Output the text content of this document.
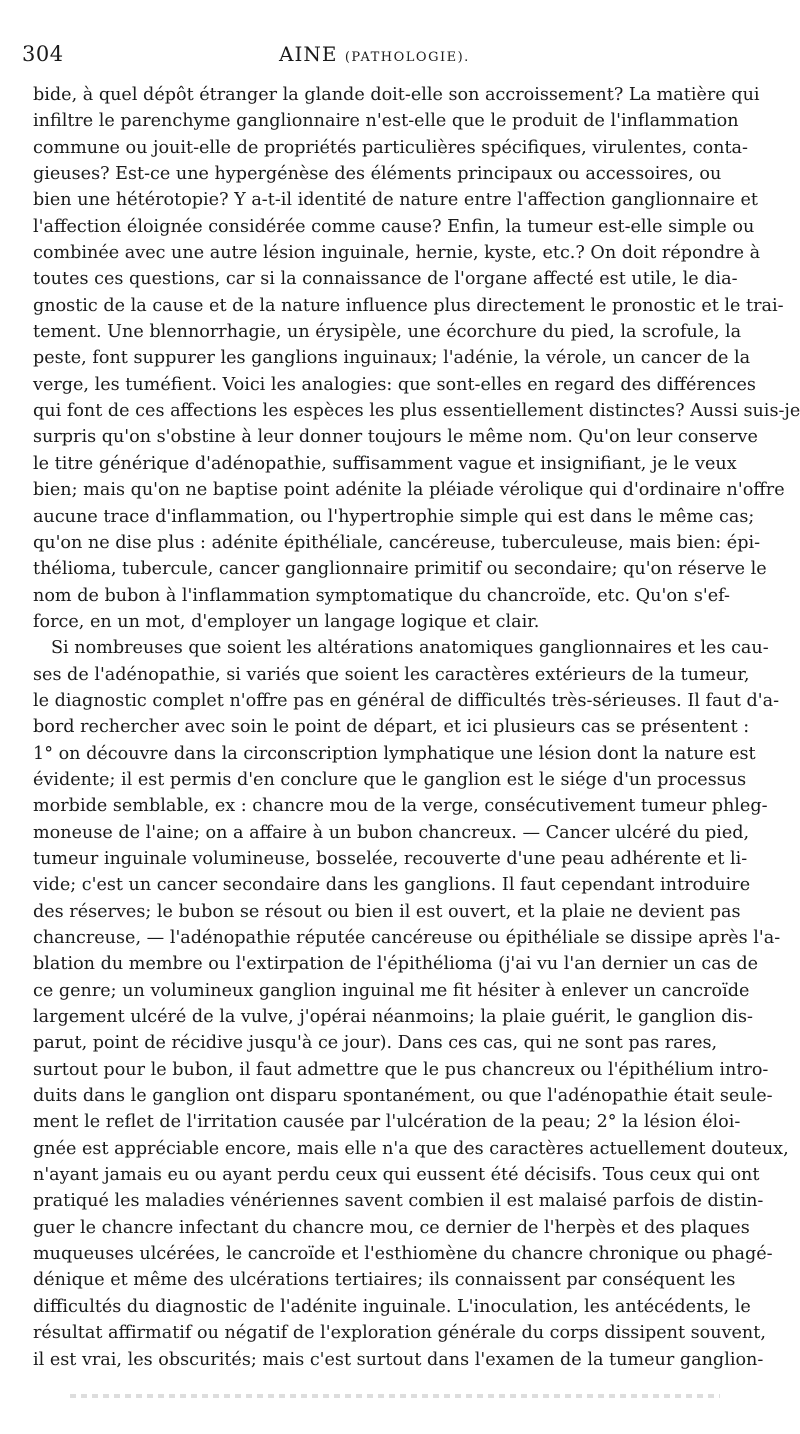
304	AINE (PATHOLOGIE).
bide, à quel dépôt étranger la glande doit-elle son accroissement? La matière qui
infiltre le parenchyme ganglionnaire n'est-elle que le produit de l'inflammation
commune ou jouit-elle de propriétés particulières spécifiques, virulentes, conta-
gieuses? Est-ce une hypergénèse des éléments principaux ou accessoires, ou
bien une hétérotopie? Y a-t-il identité de nature entre l'affection ganglionnaire et
l'affection éloignée considérée comme cause? Enfin, la tumeur est-elle simple ou
combinée avec une autre lésion inguinale, hernie, kyste, etc.? On doit répondre à
toutes ces questions, car si la connaissance de l'organe affecté est utile, le dia-
gnostic de la cause et de la nature influence plus directement le pronostic et le trai-
tement. Une blennorrhagie, un érysipèle, une écorchure du pied, la scrofule, la
peste, font suppurer les ganglions inguinaux; l'adénie, la vérole, un cancer de la
verge, les tuméfient. Voici les analogies: que sont-elles en regard des différences
qui font de ces affections les espèces les plus essentiellement distinctes? Aussi suis-je
surpris qu'on s'obstine à leur donner toujours le même nom. Qu'on leur conserve
le titre générique d'adénopathie, suffisamment vague et insignifiant, je le veux
bien; mais qu'on ne baptise point adénite la pléiade vérolique qui d'ordinaire n'offre
aucune trace d'inflammation, ou l'hypertrophie simple qui est dans le même cas;
qu'on ne dise plus : adénite épithéliale, cancéreuse, tuberculeuse, mais bien: épi-
thélioma, tubercule, cancer ganglionnaire primitif ou secondaire; qu'on réserve le
nom de bubon à l'inflammation symptomatique du chancroïde, etc. Qu'on s'ef-
force, en un mot, d'employer un langage logique et clair.
Si nombreuses que soient les altérations anatomiques ganglionnaires et les cau-
ses de l'adénopathie, si variés que soient les caractères extérieurs de la tumeur,
le diagnostic complet n'offre pas en général de difficultés très-sérieuses. Il faut d'a-
bord rechercher avec soin le point de départ, et ici plusieurs cas se présentent :
1° on découvre dans la circonscription lymphatique une lésion dont la nature est
évidente; il est permis d'en conclure que le ganglion est le siége d'un processus
morbide semblable, ex : chancre mou de la verge, consécutivement tumeur phleg-
moneuse de l'aine; on a affaire à un bubon chancreux. — Cancer ulcéré du pied,
tumeur inguinale volumineuse, bosselée, recouverte d'une peau adhérente et li-
vide; c'est un cancer secondaire dans les ganglions. Il faut cependant introduire
des réserves; le bubon se résout ou bien il est ouvert, et la plaie ne devient pas
chancreuse, — l'adénopathie réputée cancéreuse ou épithéliale se dissipe après l'a-
blation du membre ou l'extirpation de l'épithélioma (j'ai vu l'an dernier un cas de
ce genre; un volumineux ganglion inguinal me fit hésiter à enlever un cancroïde
largement ulcéré de la vulve, j'opérai néanmoins; la plaie guérit, le ganglion dis-
parut, point de récidive jusqu'à ce jour). Dans ces cas, qui ne sont pas rares,
surtout pour le bubon, il faut admettre que le pus chancreux ou l'épithélium intro-
duits dans le ganglion ont disparu spontanément, ou que l'adénopathie était seule-
ment le reflet de l'irritation causée par l'ulcération de la peau; 2° la lésion éloi-
gnée est appréciable encore, mais elle n'a que des caractères actuellement douteux,
n'ayant jamais eu ou ayant perdu ceux qui eussent été décisifs. Tous ceux qui ont
pratiqué les maladies vénériennes savent combien il est malaisé parfois de distin-
guer le chancre infectant du chancre mou, ce dernier de l'herpès et des plaques
muqueuses ulcérées, le cancroïde et l'esthiomène du chancre chronique ou phagé-
dénique et même des ulcérations tertiaires; ils connaissent par conséquent les
difficultés du diagnostic de l'adénite inguinale. L'inoculation, les antécédents, le
résultat affirmatif ou négatif de l'exploration générale du corps dissipent souvent,
il est vrai, les obscurités; mais c'est surtout dans l'examen de la tumeur ganglion-
